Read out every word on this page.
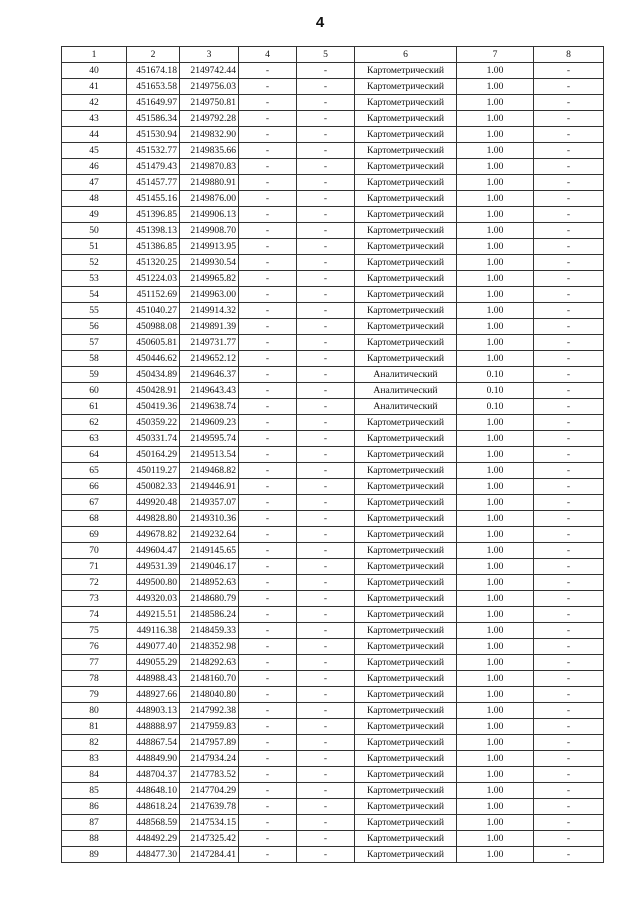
4
1	2	3	4	5	6	7	8
40	451674.18	2149742.44	-	-	Картометрический	1.00	-
41	451653.58	2149756.03	-	-	Картометрический	1.00	-
42	451649.97	2149750.81	-	-	Картометрический	1.00	-
43	451586.34	2149792.28	-	-	Картометрический	1.00	-
44	451530.94	2149832.90	-	-	Картометрический	1.00	-
45	451532.77	2149835.66	-	-	Картометрический	1.00	-
46	451479.43	2149870.83	-	-	Картометрический	1.00	-
47	451457.77	2149880.91	-	-	Картометрический	1.00	-
48	451455.16	2149876.00	-	-	Картометрический	1.00	-
49	451396.85	2149906.13	-	-	Картометрический	1.00	-
50	451398.13	2149908.70	-	-	Картометрический	1.00	-
51	451386.85	2149913.95	-	-	Картометрический	1.00	-
52	451320.25	2149930.54	-	-	Картометрический	1.00	-
53	451224.03	2149965.82	-	-	Картометрический	1.00	-
54	451152.69	2149963.00	-	-	Картометрический	1.00	-
55	451040.27	2149914.32	-	-	Картометрический	1.00	-
56	450988.08	2149891.39	-	-	Картометрический	1.00	-
57	450605.81	2149731.77	-	-	Картометрический	1.00	-
58	450446.62	2149652.12	-	-	Картометрический	1.00	-
59	450434.89	2149646.37	-	-	Аналитический	0.10	-
60	450428.91	2149643.43	-	-	Аналитический	0.10	-
61	450419.36	2149638.74	-	-	Аналитический	0.10	-
62	450359.22	2149609.23	-	-	Картометрический	1.00	-
63	450331.74	2149595.74	-	-	Картометрический	1.00	-
64	450164.29	2149513.54	-	-	Картометрический	1.00	-
65	450119.27	2149468.82	-	-	Картометрический	1.00	-
66	450082.33	2149446.91	-	-	Картометрический	1.00	-
67	449920.48	2149357.07	-	-	Картометрический	1.00	-
68	449828.80	2149310.36	-	-	Картометрический	1.00	-
69	449678.82	2149232.64	-	-	Картометрический	1.00	-
70	449604.47	2149145.65	-	-	Картометрический	1.00	-
71	449531.39	2149046.17	-	-	Картометрический	1.00	-
72	449500.80	2148952.63	-	-	Картометрический	1.00	-
73	449320.03	2148680.79	-	-	Картометрический	1.00	-
74	449215.51	2148586.24	-	-	Картометрический	1.00	-
75	449116.38	2148459.33	-	-	Картометрический	1.00	-
76	449077.40	2148352.98	-	-	Картометрический	1.00	-
77	449055.29	2148292.63	-	-	Картометрический	1.00	-
78	448988.43	2148160.70	-	-	Картометрический	1.00	-
79	448927.66	2148040.80	-	-	Картометрический	1.00	-
80	448903.13	2147992.38	-	-	Картометрический	1.00	-
81	448888.97	2147959.83	-	-	Картометрический	1.00	-
82	448867.54	2147957.89	-	-	Картометрический	1.00	-
83	448849.90	2147934.24	-	-	Картометрический	1.00	-
84	448704.37	2147783.52	-	-	Картометрический	1.00	-
85	448648.10	2147704.29	-	-	Картометрический	1.00	-
86	448618.24	2147639.78	-	-	Картометрический	1.00	-
87	448568.59	2147534.15	-	-	Картометрический	1.00	-
88	448492.29	2147325.42	-	-	Картометрический	1.00	-
89	448477.30	2147284.41	-	-	Картометрический	1.00	-
